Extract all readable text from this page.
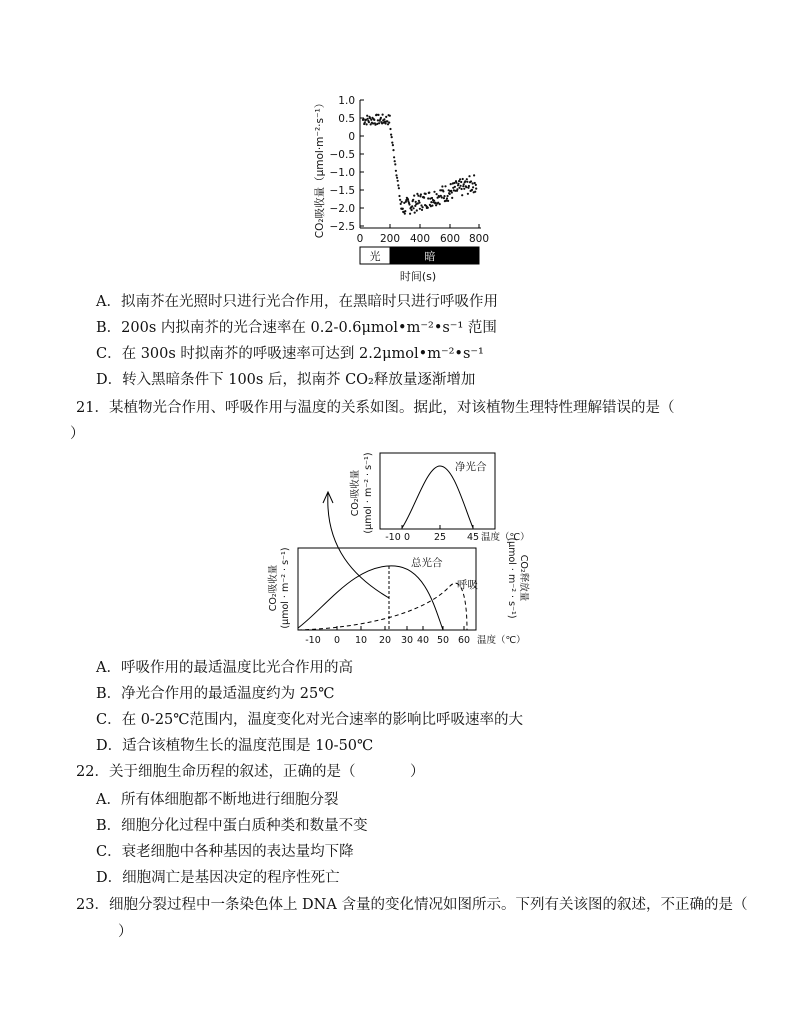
1.0
0.5
0
−0.5
−1.0
−1.5
−2.0
−2.5
0 200 400 600 800
CO₂吸收量（μmol·m⁻²·s⁻¹）
光	暗
时间(s)
A．拟南芥在光照时只进行光合作用，在黑暗时只进行呼吸作用
B．200s 内拟南芥的光合速率在 0.2-0.6μmol•m⁻²•s⁻¹ 范围
C．在 300s 时拟南芥的呼吸速率可达到 2.2μmol•m⁻²•s⁻¹
D．转入黑暗条件下 100s 后，拟南芥 CO₂释放量逐渐增加
21．某植物光合作用、呼吸作用与温度的关系如图。据此，对该植物生理特性理解错误的是（
）
净光合
CO₂吸收量 (μmol · m⁻² · s⁻¹)
-10 0	25 45 温度（℃）
总光合
呼吸
CO₂吸收量 (μmol · m⁻² · s⁻¹)	CO₂释放量
(μmol · m⁻² · s⁻¹)
-10 0 10 20 30 40 50 60 温度（℃）
A．呼吸作用的最适温度比光合作用的高
B．净光合作用的最适温度约为 25℃
C．在 0-25℃范围内，温度变化对光合速率的影响比呼吸速率的大
D．适合该植物生长的温度范围是 10-50℃
22．关于细胞生命历程的叙述，正确的是（	）
A．所有体细胞都不断地进行细胞分裂
B．细胞分化过程中蛋白质种类和数量不变
C．衰老细胞中各种基因的表达量均下降
D．细胞凋亡是基因决定的程序性死亡
23．细胞分裂过程中一条染色体上 DNA 含量的变化情况如图所示。下列有关该图的叙述，不正确的是（
）
